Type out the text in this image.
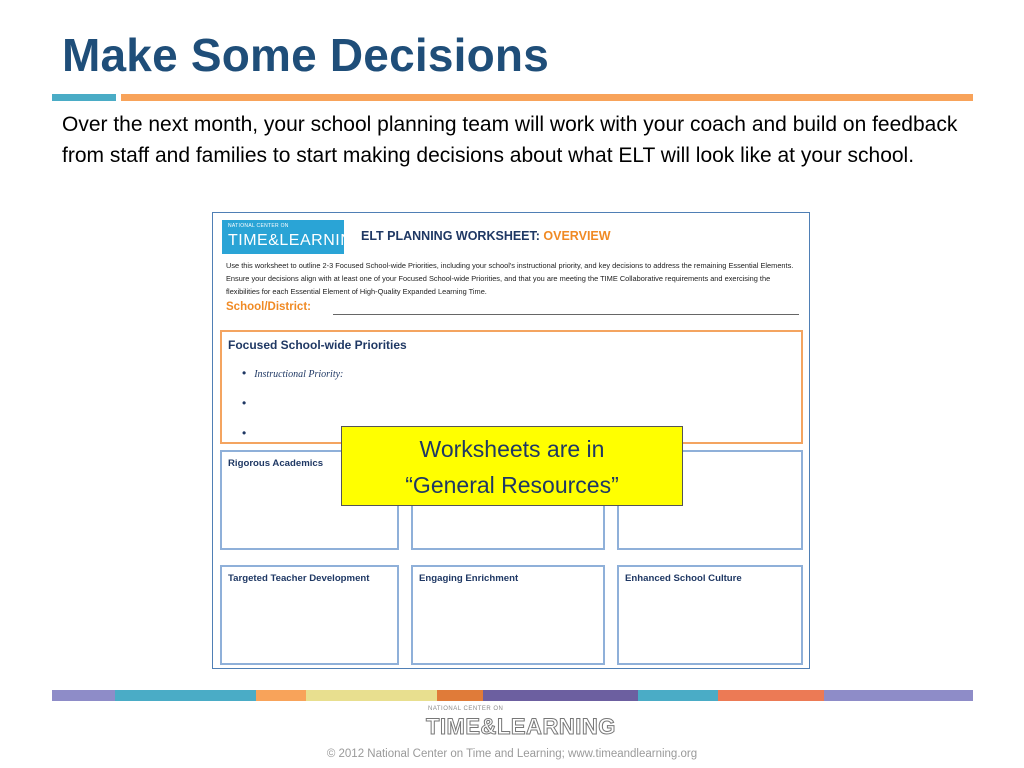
Make Some Decisions
Over the next month, your school planning team will work with your coach and build on feedback from staff and families to start making decisions about what ELT will look like at your school.
NATIONAL CENTER ON
TIME&LEARNING
ELT PLANNING WORKSHEET: OVERVIEW
Use this worksheet to outline 2-3 Focused School-wide Priorities, including your school's instructional priority, and key decisions to address the remaining Essential Elements. Ensure your decisions align with at least one of your Focused School-wide Priorities, and that you are meeting the TIME Collaborative requirements and exercising the flexibilities for each Essential Element of High-Quality Expanded Learning Time.
School/District:
Focused School-wide Priorities
• Instructional Priority:
•
•
Rigorous Academics
Targeted Teacher Development	Engaging Enrichment	Enhanced School Culture
Worksheets are in
“General Resources”
NATIONAL CENTER ON
TIME&LEARNING
© 2012 National Center on Time and Learning; www.timeandlearning.org
